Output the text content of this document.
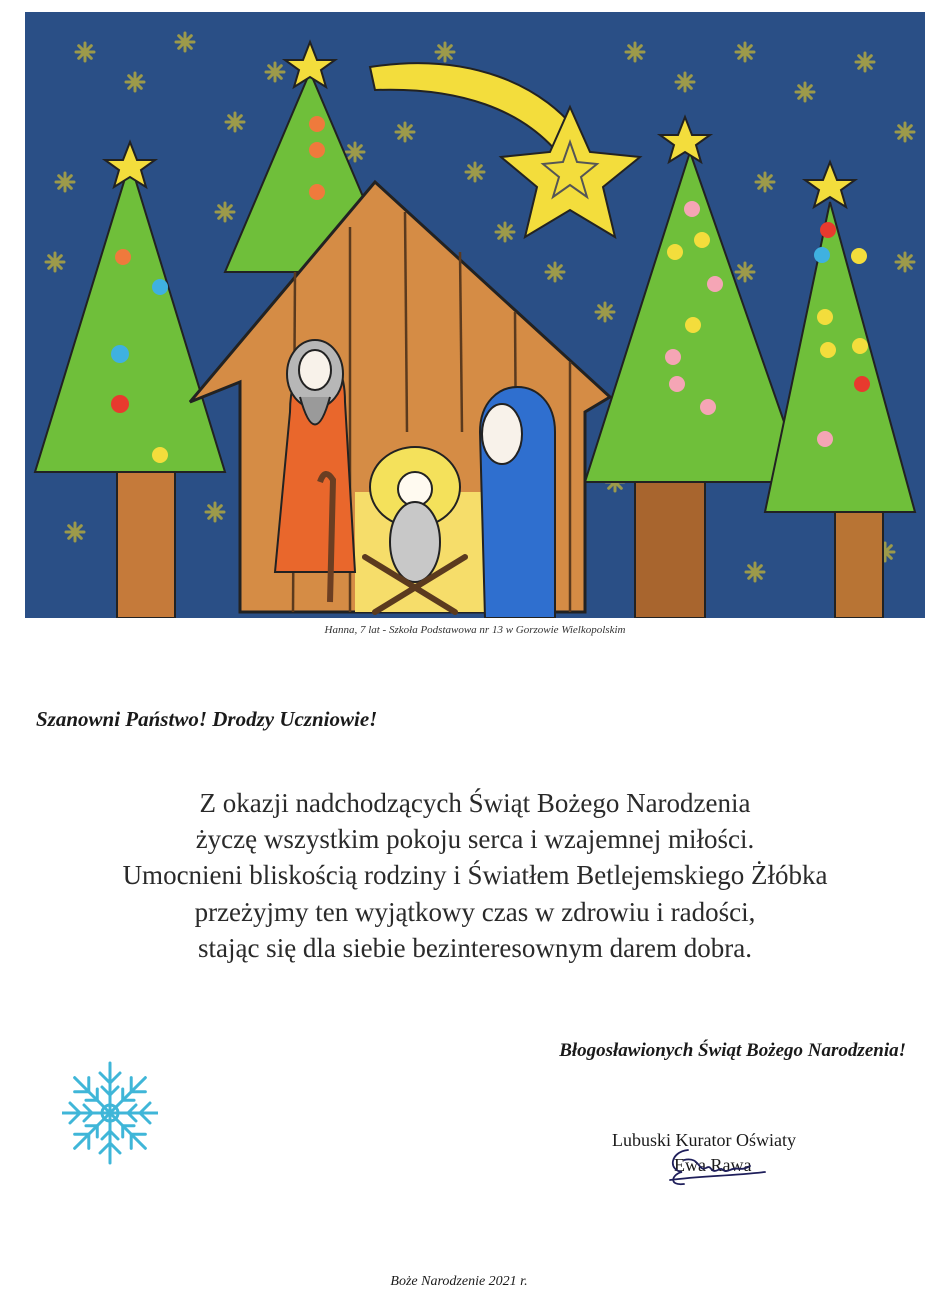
Hanna, 7 lat - Szkoła Podstawowa nr 13 w Gorzowie Wielkopolskim
Szanowni Państwo! Drodzy Uczniowie!
Z okazji nadchodzących Świąt Bożego Narodzenia
życzę wszystkim pokoju serca i wzajemnej miłości.
Umocnieni bliskością rodziny i Światłem Betlejemskiego Żłóbka
przeżyjmy ten wyjątkowy czas w zdrowiu i radości,
stając się dla siebie bezinteresownym darem dobra.
Błogosławionych Świąt Bożego Narodzenia!
Lubuski Kurator Oświaty
Ewa Rawa
Boże Narodzenie 2021 r.
